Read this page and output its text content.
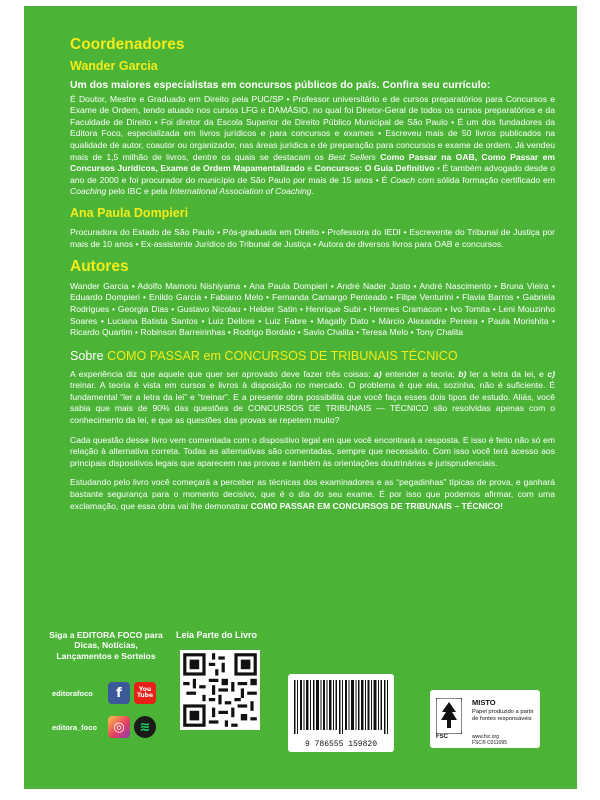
Coordenadores
Wander Garcia
Um dos maiores especialistas em concursos públicos do país. Confira seu currículo:

É Doutor, Mestre e Graduado em Direito pela PUC/SP • Professor universitário e de cursos preparatórios para Concursos e Exame de Ordem, tendo atuado nos cursos LFG e DAMÁSIO, no qual foi Diretor-Geral de todos os cursos preparatórios e da Faculdade de Direito • Foi diretor da Escola Superior de Direito Público Municipal de São Paulo • É um dos fundadores da Editora Foco, especializada em livros jurídicos e para concursos e exames • Escreveu mais de 50 livros publicados na qualidade de autor, coautor ou organizador, nas áreas jurídica e de preparação para concursos e exame de ordem. Já vendeu mais de 1,5 milhão de livros, dentre os quais se destacam os Best Sellers Como Passar na OAB, Como Passar em Concursos Jurídicos, Exame de Ordem Mapamentalizado e Concursos: O Guia Definitivo • É também advogado desde o ano de 2000 e foi procurador do município de São Paulo por mais de 15 anos • É Coach com sólida formação certificado em Coaching pelo IBC e pela International Association of Coaching.

Ana Paula Dompieri

Procuradora do Estado de São Paulo • Pós-graduada em Direito • Professora do IEDI • Escrevente do Tribunal de Justiça por mais de 10 anos • Ex-assistente Jurídico do Tribunal de Justiça • Autora de diversos livros para OAB e concursos.

Autores

Wander Garcia • Adolfo Mamoru Nishiyama • Ana Paula Dompieri • André Nader Justo • André Nascimento • Bruna Vieira • Eduardo Dompieri • Enildo Garcia • Fabiano Melo • Fernanda Camargo Penteado • Filipe Venturini • Flavia Barros • Gabriela Rodrigues • Georgia Dias • Gustavo Nicolau • Helder Satin • Henrique Subi • Hermes Cramacon • Ivo Tomita • Leni Mouzinho Soares • Luciana Batista Santos • Luiz Dellore • Luiz Fabre • Magally Dato • Márcio Alexandre Pereira • Paula Morishita • Ricardo Quartim • Robinson Barreirinhas • Rodrigo Bordalo • Savio Chalita • Teresa Melo • Tony Chalita

Sobre COMO PASSAR em CONCURSOS DE TRIBUNAIS TÉCNICO

A experiência diz que aquele que quer ser aprovado deve fazer três coisas: a) entender a teoria; b) ler a letra da lei, e c) treinar. A teoria é vista em cursos e livros à disposição no mercado. O problema é que ela, sozinha, não é suficiente. É fundamental “ler a letra da lei” e “treinar”. E a presente obra possibilita que você faça esses dois tipos de estudo. Aliás, você sabia que mais de 90% das questões de CONCURSOS DE TRIBUNAIS — TÉCNICO são resolvidas apenas com o conhecimento da lei, e que as questões das provas se repetem muito?

Cada questão desse livro vem comentada com o dispositivo legal em que você encontrará a resposta. E isso é feito não só em relação à alternativa correta. Todas as alternativas são comentadas, sempre que necessário. Com isso você terá acesso aos principais dispositivos legais que aparecem nas provas e também às orientações doutrinárias e jurisprudenciais.

Estudando pelo livro você começará a perceber as técnicas dos examinadores e as “pegadinhas” típicas de prova, e ganhará bastante segurança para o momento decisivo, que é o dia do seu exame. É por isso que podemos afirmar, com uma exclamação, que essa obra vai lhe demonstrar COMO PASSAR EM CONCURSOS DE TRIBUNAIS – TÉCNICO!

Siga a EDITORA FOCO para Dicas, Notícias, Lançamentos e Sorteios
editorafoco	f	You
Tube
editora_foco	◎	≋
Leia Parte do Livro
9 786555 159820
MISTO
Papel produzido a partir de fontes responsáveis
FSC	www.fsc.org
FSC® C011095
